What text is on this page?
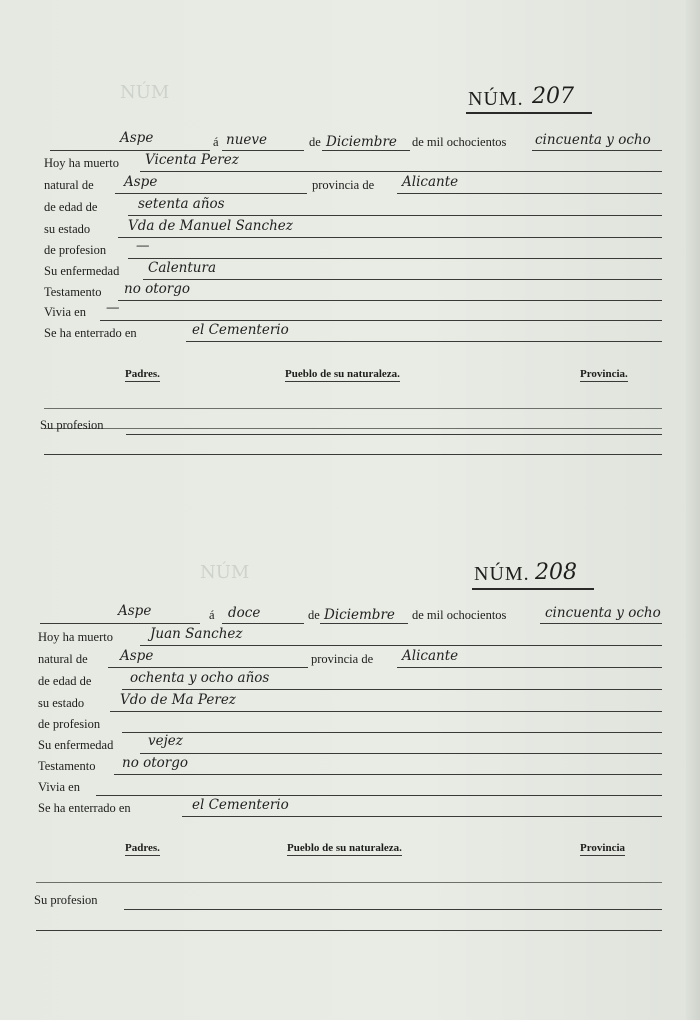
NÚM
NÚM
NÚM. 207
Aspe	á nueve	de Diciembre de mil ochocientos cincuenta y ocho
Hoy ha muerto Vicenta Perez
natural de Aspe	provincia de Alicante
de edad de	setenta años
su estado	Vda de Manuel Sanchez
de profesion —
Su enfermedad Calentura
Testamento no otorgo
Vivia en —
Se ha enterrado en	el Cementerio
Padres.	Pueblo de su naturaleza.	Provincia.
Su profesion
NÚM. 208
Aspe	á doce	de Diciembre de mil ochocientos	cincuenta y ocho
Hoy ha muerto	Juan Sanchez
natural de Aspe	provincia de Alicante
de edad de	ochenta y ocho años
su estado	Vdo de Ma Perez
de profesion
Su enfermedad	vejez
Testamento no otorgo
Vivia en
Se ha enterrado en	el Cementerio
Padres.	Pueblo de su naturaleza.	Provincia
Su profesion
